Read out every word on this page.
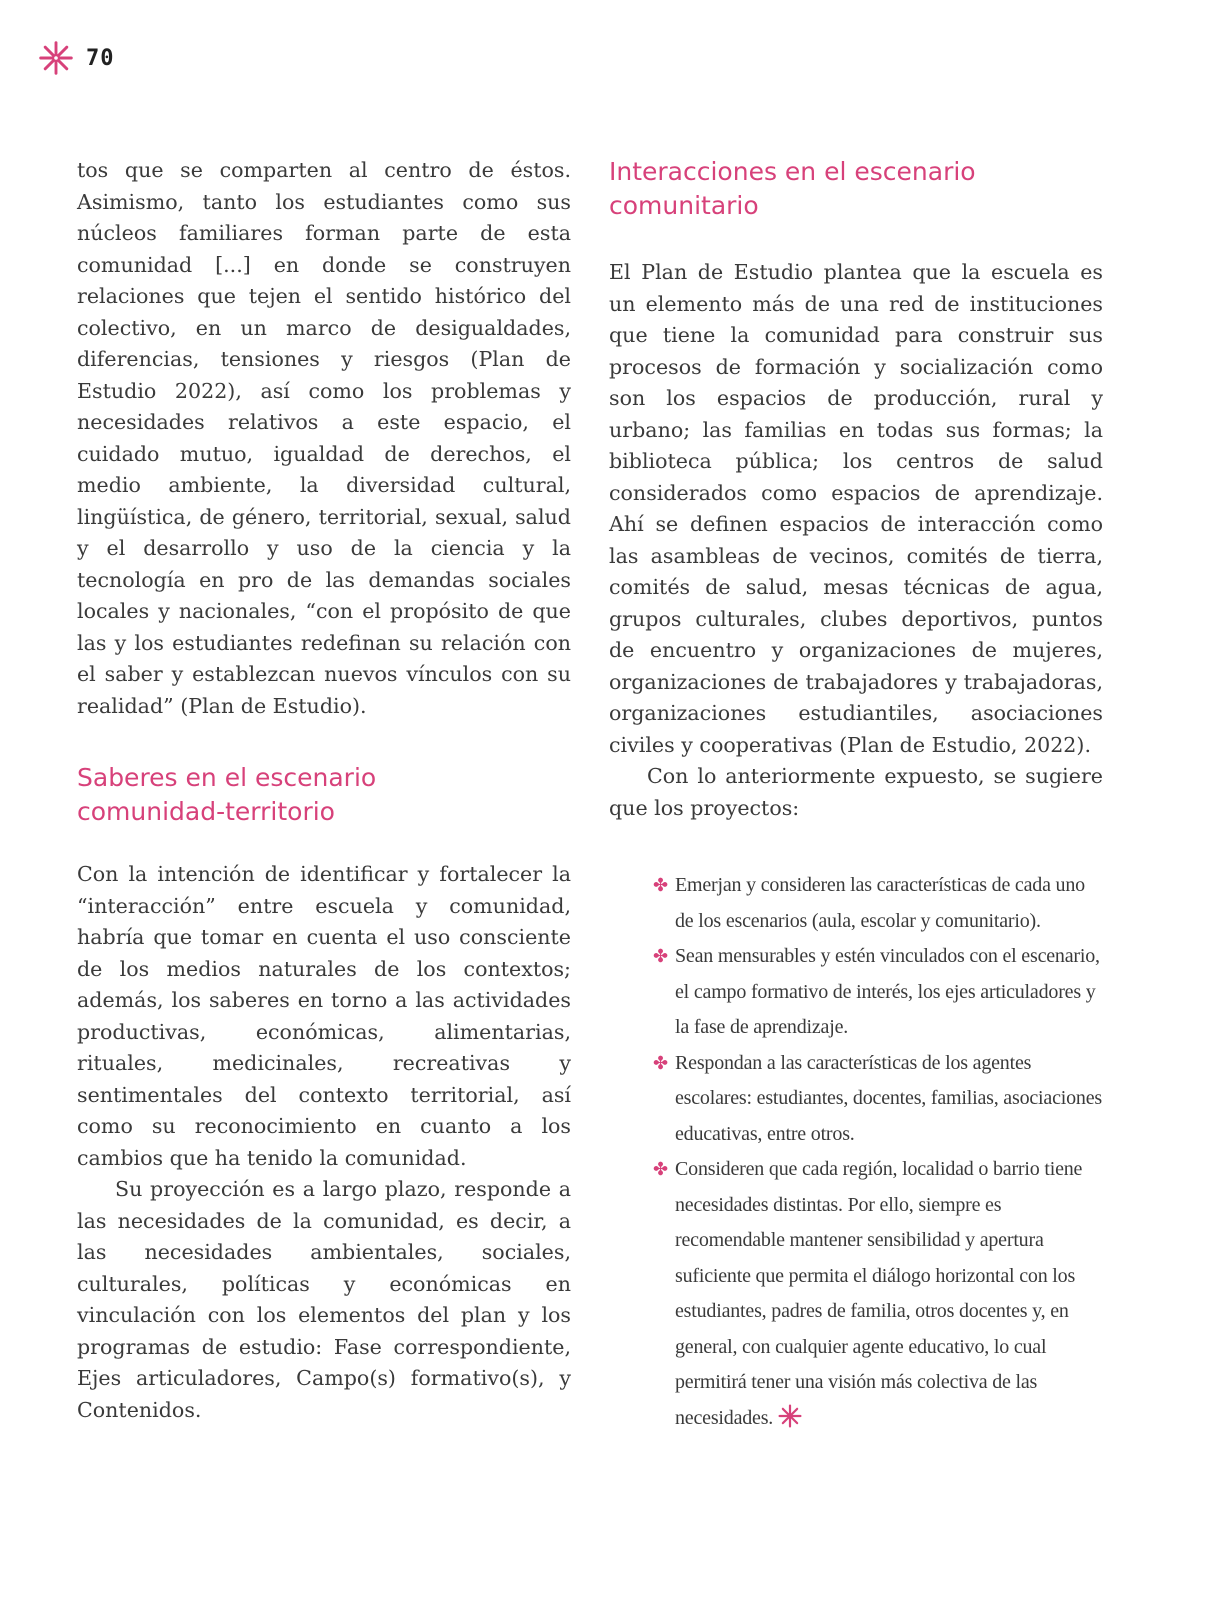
70

tos que se comparten al centro de éstos. Asimismo, tanto los estudiantes como sus núcleos familiares forman parte de esta comunidad [...] en donde se construyen relaciones que tejen el sentido histórico del colectivo, en un marco de desigualdades, diferencias, tensiones y riesgos (Plan de Estudio 2022), así como los problemas y necesidades relativos a este espacio, el cuidado mutuo, igualdad de derechos, el medio ambiente, la diversidad cultural, lingüística, de género, territorial, sexual, salud y el desarrollo y uso de la ciencia y la tecnología en pro de las demandas sociales locales y nacionales, “con el propósito de que las y los estudiantes redefinan su relación con el saber y establezcan nuevos vínculos con su realidad” (Plan de Estudio).

Saberes en el escenario
comunidad-territorio

Con la intención de identificar y fortalecer la “interacción” entre escuela y comunidad, habría que tomar en cuenta el uso consciente de los medios naturales de los contextos; además, los saberes en torno a las actividades productivas, económicas, alimentarias, rituales, medicinales, recreativas y sentimentales del contexto territorial, así como su reconocimiento en cuanto a los cambios que ha tenido la comunidad.

Su proyección es a largo plazo, responde a las necesidades de la comunidad, es decir, a las necesidades ambientales, sociales, culturales, políticas y económicas en vinculación con los elementos del plan y los programas de estudio: Fase correspondiente, Ejes articuladores, Campo(s) formativo(s), y Contenidos.

Interacciones en el escenario comunitario

El Plan de Estudio plantea que la escuela es un elemento más de una red de instituciones que tiene la comunidad para construir sus procesos de formación y socialización como son los espacios de producción, rural y urbano; las familias en todas sus formas; la biblioteca pública; los centros de salud considerados como espacios de aprendizaje. Ahí se definen espacios de interacción como las asambleas de vecinos, comités de tierra, comités de salud, mesas técnicas de agua, grupos culturales, clubes deportivos, puntos de encuentro y organizaciones de mujeres, organizaciones de trabajadores y trabajadoras, organizaciones estudiantiles, asociaciones civiles y cooperativas (Plan de Estudio, 2022).

Con lo anteriormente expuesto, se sugiere que los proyectos:

✤ Emerjan y consideren las características de cada uno de los escenarios (aula, escolar y comunitario).
✤ Sean mensurables y estén vinculados con el escenario, el campo formativo de interés, los ejes articuladores y la fase de aprendizaje.
✤ Respondan a las características de los agentes escolares: estudiantes, docentes, familias, asociaciones educativas, entre otros.
✤ Consideren que cada región, localidad o barrio tiene necesidades distintas. Por ello, siempre es recomendable mantener sensibilidad y apertura suficiente que permita el diálogo horizontal con los estudiantes, padres de familia, otros docentes y, en general, con cualquier agente educativo, lo cual permitirá tener una visión más colectiva de las necesidades.
